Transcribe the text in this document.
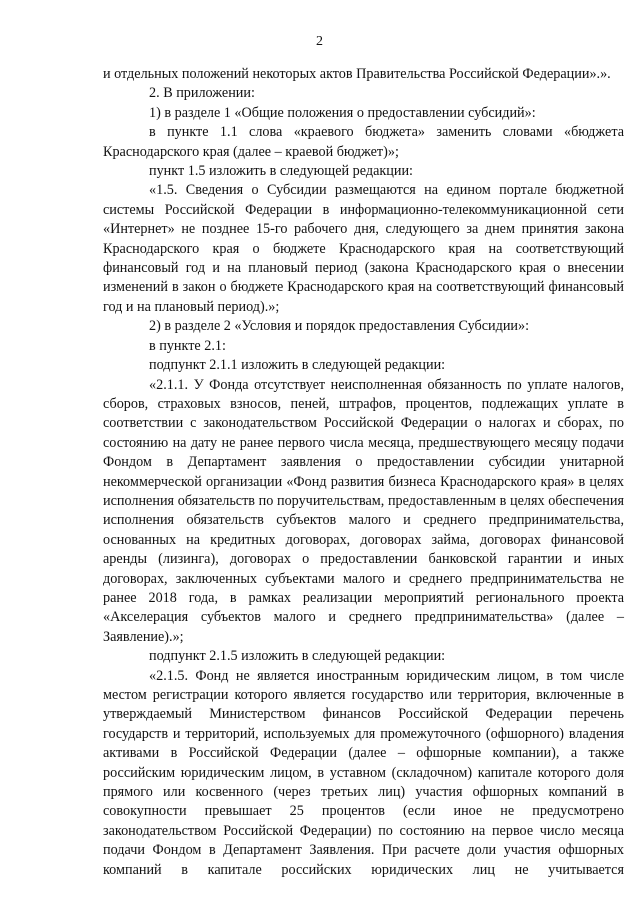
2

и отдельных положений некоторых актов Правительства Российской Федерации».».

2. В приложении:

1) в разделе 1 «Общие положения о предоставлении субсидий»:

в пункте 1.1 слова «краевого бюджета» заменить словами «бюджета Краснодарского края (далее – краевой бюджет)»;

пункт 1.5 изложить в следующей редакции:

«1.5. Сведения о Субсидии размещаются на едином портале бюджетной системы Российской Федерации в информационно-телекоммуникационной сети «Интернет» не позднее 15-го рабочего дня, следующего за днем принятия закона Краснодарского края о бюджете Краснодарского края на соответствующий финансовый год и на плановый период (закона Краснодарского края о внесении изменений в закон о бюджете Краснодарского края на соответствующий финансовый год и на плановый период).»;

2) в разделе 2 «Условия и порядок предоставления Субсидии»:

в пункте 2.1:

подпункт 2.1.1 изложить в следующей редакции:

«2.1.1. У Фонда отсутствует неисполненная обязанность по уплате налогов, сборов, страховых взносов, пеней, штрафов, процентов, подлежащих уплате в соответствии с законодательством Российской Федерации о налогах и сборах, по состоянию на дату не ранее первого числа месяца, предшествующего месяцу подачи Фондом в Департамент заявления о предоставлении субсидии унитарной некоммерческой организации «Фонд развития бизнеса Краснодарского края» в целях исполнения обязательств по поручительствам, предоставленным в целях обеспечения исполнения обязательств субъектов малого и среднего предпринимательства, основанных на кредитных договорах, договорах займа, договорах финансовой аренды (лизинга), договорах о предоставлении банковской гарантии и иных договорах, заключенных субъектами малого и среднего предпринимательства не ранее 2018 года, в рамках реализации мероприятий регионального проекта «Акселерация субъектов малого и среднего предпринимательства» (далее – Заявление).»;

подпункт 2.1.5 изложить в следующей редакции:

«2.1.5. Фонд не является иностранным юридическим лицом, в том числе местом регистрации которого является государство или территория, включенные в утверждаемый Министерством финансов Российской Федерации перечень государств и территорий, используемых для промежуточного (офшорного) владения активами в Российской Федерации (далее – офшорные компании), а также российским юридическим лицом, в уставном (складочном) капитале которого доля прямого или косвенного (через третьих лиц) участия офшорных компаний в совокупности превышает 25 процентов (если иное не предусмотрено законодательством Российской Федерации) по состоянию на первое число месяца подачи Фондом в Департамент Заявления. При расчете доли участия офшорных компаний в капитале российских юридических лиц не учитывается
